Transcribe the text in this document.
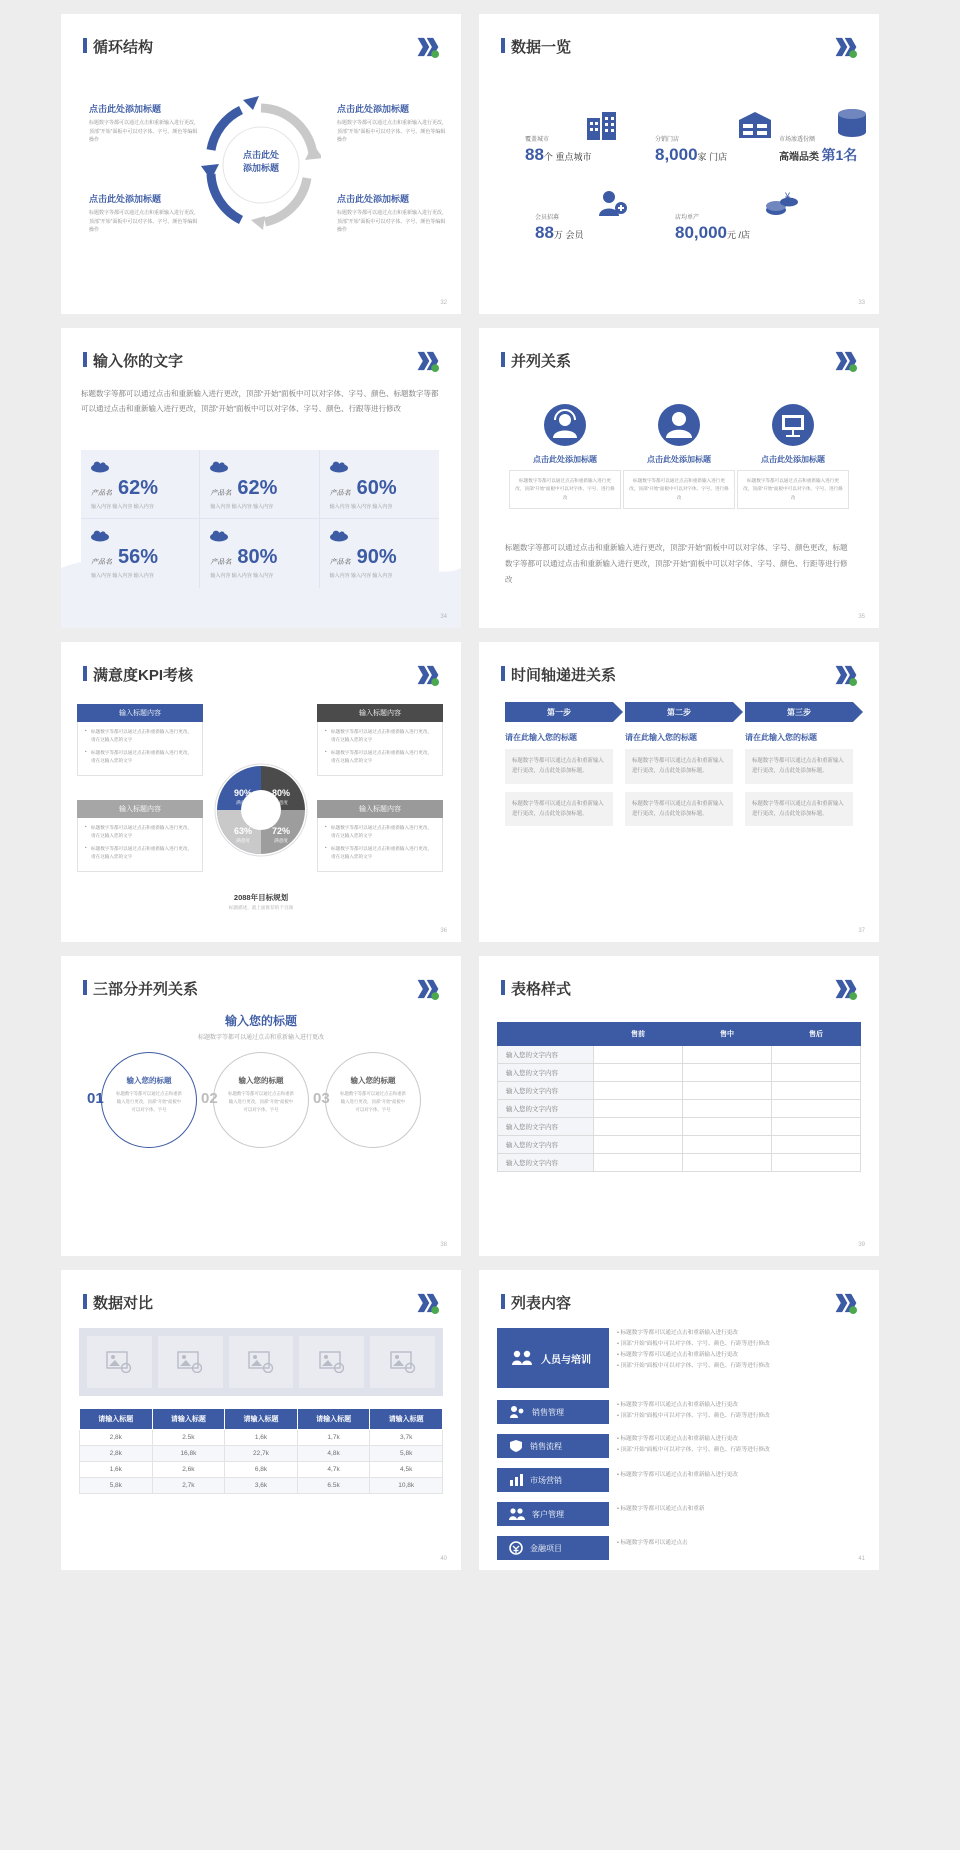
循环结构
点击此处
添加标题
点击此处添加标题
标题数字等都可以通过点击和重新输入进行更改，顶部“开始”面板中可以对字体、字号、颜色等编辑操作
点击此处添加标题
标题数字等都可以通过点击和重新输入进行更改，顶部“开始”面板中可以对字体、字号、颜色等编辑操作
点击此处添加标题
标题数字等都可以通过点击和重新输入进行更改，顶部“开始”面板中可以对字体、字号、颜色等编辑操作
点击此处添加标题
标题数字等都可以通过点击和重新输入进行更改，顶部“开始”面板中可以对字体、字号、颜色等编辑操作
32
数据一览
覆盖城市
88个 重点城市
分销门店
8,000家 门店
市场渗透份额
高端品类 第1名
会员招募
88万 会员
店均单产
80,000元 /店
¥
33
输入你的文字
标题数字等都可以通过点击和重新输入进行更改，顶部“开始”面板中可以对字体、字号、颜色、标题数字等都可以通过点击和重新输入进行更改，顶部“开始”面板中可以对字体、字号、颜色、行跟等进行修改
产品名 62%
输入内容 输入内容 输入内容
产品名 62%
输入内容 输入内容 输入内容
产品名 60%
输入内容 输入内容 输入内容
产品名 56%
输入内容 输入内容 输入内容
产品名 80%
输入内容 输入内容 输入内容
产品名 90%
输入内容 输入内容 输入内容
34
并列关系
点击此处添加标题
标题数字等都可以通过点击和重新输入进行更改，顶部“开始”面板中可以对字体、字号、进行修改
点击此处添加标题
标题数字等都可以通过点击和重新输入进行更改，顶部“开始”面板中可以对字体、字号、进行修改
点击此处添加标题
标题数字等都可以通过点击和重新输入进行更改，顶部“开始”面板中可以对字体、字号、进行修改
标题数字等都可以通过点击和重新输入进行更改，顶部“开始”面板中可以对字体、字号、颜色更改，标题数字等都可以通过点击和重新输入进行更改，顶部“开始”面板中可以对字体、字号、颜色、行距等进行修改
35
满意度KPI考核
输入标题内容
• 标题数字等都可以通过点击和重新输入进行更改，请在这输入您的文字
• 标题数字等都可以通过点击和重新输入进行更改，请在这输入您的文字
输入标题内容
• 标题数字等都可以通过点击和重新输入进行更改，请在这输入您的文字
• 标题数字等都可以通过点击和重新输入进行更改，请在这输入您的文字
输入标题内容
• 标题数字等都可以通过点击和重新输入进行更改，请在这输入您的文字
• 标题数字等都可以通过点击和重新输入进行更改，请在这输入您的文字
输入标题内容
• 标题数字等都可以通过点击和重新输入进行更改，请在这输入您的文字
• 标题数字等都可以通过点击和重新输入进行更改，请在这输入您的文字
90%
满意度
80%
满意度
63%
满意度
72%
满意度
2088年目标规划
标题描述，就上面推荐的个百颜
36
时间轴递进关系
第一步
请在此输入您的标题
标题数字等都可以通过点击和重新输入进行更改，点击此处添加标题。
标题数字等都可以通过点击和重新输入进行更改，点击此处添加标题。
第二步
请在此输入您的标题
标题数字等都可以通过点击和重新输入进行更改，点击此处添加标题。
标题数字等都可以通过点击和重新输入进行更改，点击此处添加标题。
第三步
请在此输入您的标题
标题数字等都可以通过点击和重新输入进行更改，点击此处添加标题。
标题数字等都可以通过点击和重新输入进行更改，点击此处添加标题。
37
三部分并列关系
输入您的标题
标题数字等都可以通过点击和重新输入进行更改
输入您的标题
标题数字等都可以通过点击和重新输入进行更改，顶部“开始”面板中可以对字体、字号
01
输入您的标题
标题数字等都可以通过点击和重新输入进行更改，顶部“开始”面板中可以对字体、字号
02
输入您的标题
标题数字等都可以通过点击和重新输入进行更改，顶部“开始”面板中可以对字体、字号
03
38
表格样式
	售前	售中	售后
输入您的文字内容			
输入您的文字内容			
输入您的文字内容			
输入您的文字内容			
输入您的文字内容			
输入您的文字内容			
输入您的文字内容			
39
数据对比
请输入标题	请输入标题	请输入标题	请输入标题	请输入标题
2,8k	2.5k	1,6k	1,7k	3,7k
2,8k	16,8k	22,7k	4,8k	5,8k
1,6k	2,6k	6,8k	4,7k	4,5k
5,8k	2,7k	3,6k	6.5k	10,8k
40
列表内容
人员与培训
• 标题数字等都可以通过点击和重新输入进行更改
• 顶部“开始”面板中可以对字体、字号、颜色、行距等进行修改
• 标题数字等都可以通过点击和重新输入进行更改
• 顶部“开始”面板中可以对字体、字号、颜色、行距等进行修改
销售管理
• 标题数字等都可以通过点击和重新输入进行更改
• 顶部“开始”面板中可以对字体、字号、颜色、行距等进行修改
销售流程
• 标题数字等都可以通过点击和重新输入进行更改
• 顶部“开始”面板中可以对字体、字号、颜色、行距等进行修改
市场营销
• 标题数字等都可以通过点击和重新输入进行更改
客户管理
• 标题数字等都可以通过点击和重新
金融项目
• 标题数字等都可以通过点击
41
